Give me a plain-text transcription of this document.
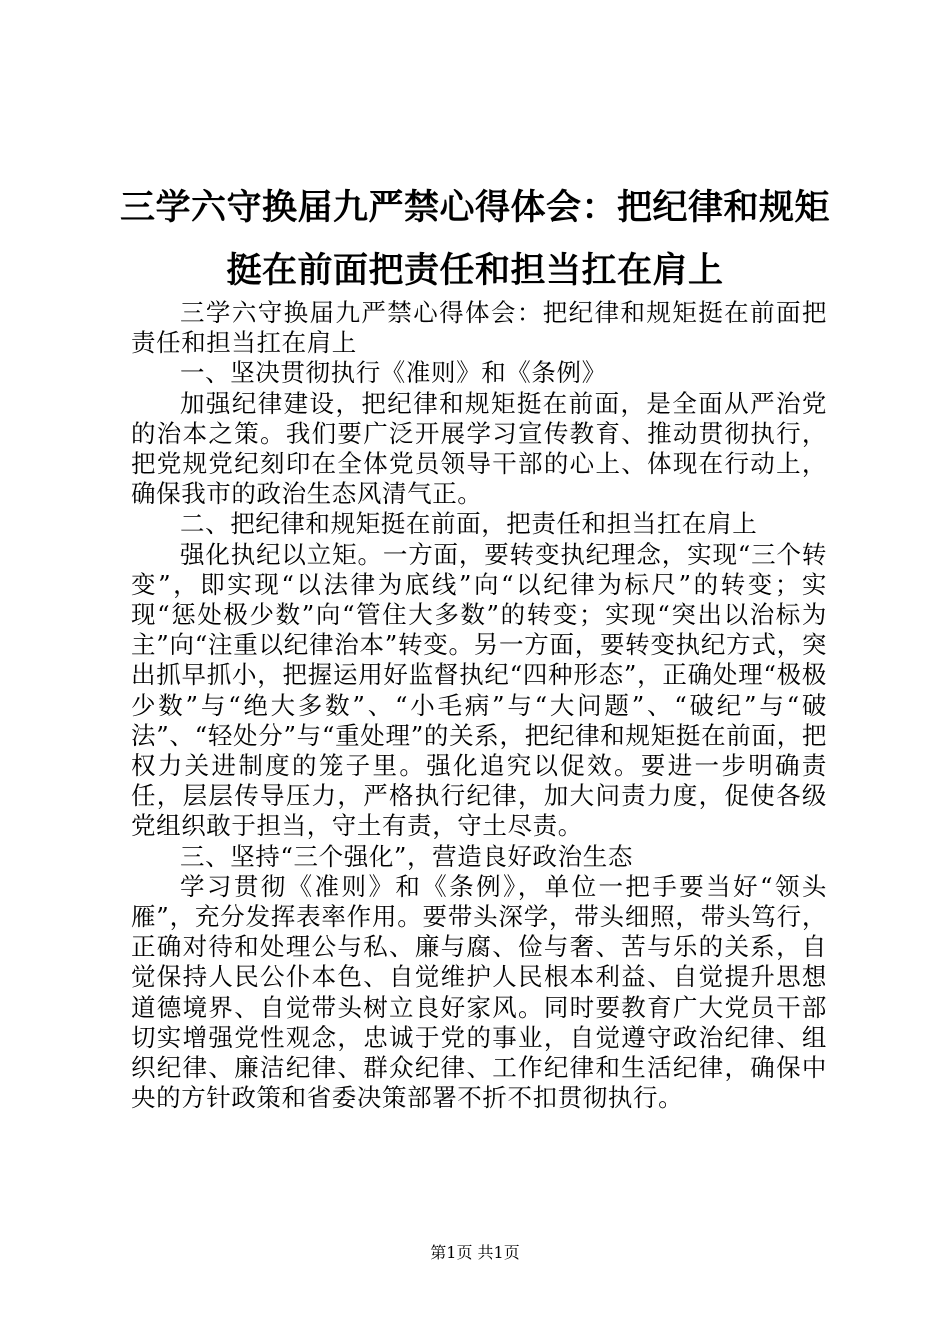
三学六守换届九严禁心得体会：把纪律和规矩
挺在前面把责任和担当扛在肩上

三学六守换届九严禁心得体会：把纪律和规矩挺在前面把责任和担当扛在肩上

一、坚决贯彻执行《准则》和《条例》

加强纪律建设，把纪律和规矩挺在前面，是全面从严治党的治本之策。我们要广泛开展学习宣传教育、推动贯彻执行，把党规党纪刻印在全体党员领导干部的心上、体现在行动上，确保我市的政治生态风清气正。

二、把纪律和规矩挺在前面，把责任和担当扛在肩上

强化执纪以立矩。一方面，要转变执纪理念，实现“三个转变”，即实现“以法律为底线”向“以纪律为标尺”的转变；实现“惩处极少数”向“管住大多数”的转变；实现“突出以治标为主”向“注重以纪律治本”转变。另一方面，要转变执纪方式，突出抓早抓小，把握运用好监督执纪“四种形态”，正确处理“极极少数”与“绝大多数”、“小毛病”与“大问题”、“破纪”与“破法”、“轻处分”与“重处理”的关系，把纪律和规矩挺在前面，把权力关进制度的笼子里。强化追究以促效。要进一步明确责任，层层传导压力，严格执行纪律，加大问责力度，促使各级党组织敢于担当，守土有责，守土尽责。

三、坚持“三个强化”，营造良好政治生态

学习贯彻《准则》和《条例》，单位一把手要当好“领头雁”，充分发挥表率作用。要带头深学，带头细照，带头笃行，正确对待和处理公与私、廉与腐、俭与奢、苦与乐的关系，自觉保持人民公仆本色、自觉维护人民根本利益、自觉提升思想道德境界、自觉带头树立良好家风。同时要教育广大党员干部切实增强党性观念，忠诚于党的事业，自觉遵守政治纪律、组织纪律、廉洁纪律、群众纪律、工作纪律和生活纪律，确保中央的方针政策和省委决策部署不折不扣贯彻执行。

第1页 共1页
